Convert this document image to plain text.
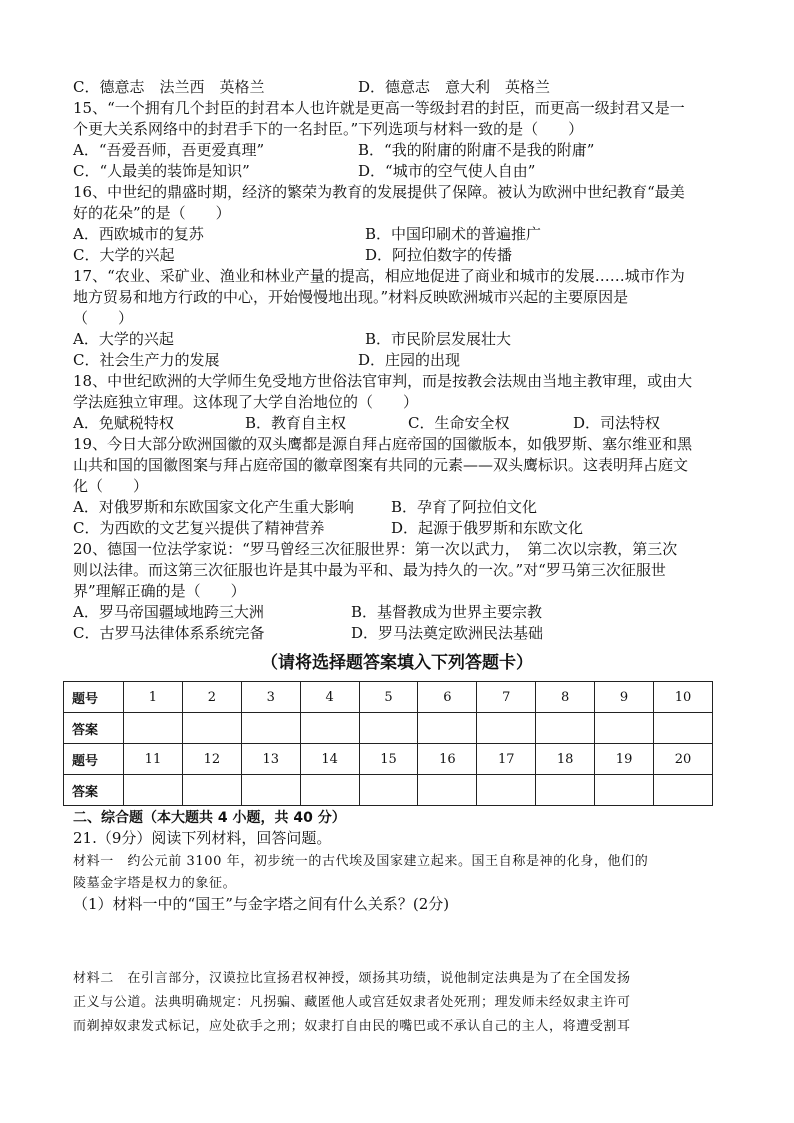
C．德意志　法兰西　英格兰	D．德意志　意大利　英格兰
15、“一个拥有几个封臣的封君本人也许就是更高一等级封君的封臣，而更高一级封君又是一
个更大关系网络中的封君手下的一名封臣。”下列选项与材料一致的是（　　）
A．“吾爱吾师，吾更爱真理”	B．“我的附庸的附庸不是我的附庸”
C．“人最美的装饰是知识”	D．“城市的空气使人自由”
16、中世纪的鼎盛时期，经济的繁荣为教育的发展提供了保障。被认为欧洲中世纪教育“最美
好的花朵”的是（　　）
A．西欧城市的复苏	B．中国印刷术的普遍推广
C．大学的兴起	D．阿拉伯数字的传播
17、“农业、采矿业、渔业和林业产量的提高，相应地促进了商业和城市的发展……城市作为
地方贸易和地方行政的中心，开始慢慢地出现。”材料反映欧洲城市兴起的主要原因是
（　　）
A．大学的兴起	B．市民阶层发展壮大
C．社会生产力的发展	D．庄园的出现
18、中世纪欧洲的大学师生免受地方世俗法官审判，而是按教会法规由当地主教审理，或由大
学法庭独立审理。这体现了大学自治地位的（　　）
A．免赋税特权	B．教育自主权	C．生命安全权	D．司法特权
19、今日大部分欧洲国徽的双头鹰都是源自拜占庭帝国的国徽版本，如俄罗斯、塞尔维亚和黑
山共和国的国徽图案与拜占庭帝国的徽章图案有共同的元素——双头鹰标识。这表明拜占庭文
化（　　）
A．对俄罗斯和东欧国家文化产生重大影响 B．孕育了阿拉伯文化
C．为西欧的文艺复兴提供了精神营养	D．起源于俄罗斯和东欧文化
20、德国一位法学家说：“罗马曾经三次征服世界：第一次以武力，　第二次以宗教，第三次
则以法律。而这第三次征服也许是其中最为平和、最为持久的一次。”对“罗马第三次征服世
界”理解正确的是（　　）
A．罗马帝国疆域地跨三大洲	B．基督教成为世界主要宗教
C．古罗马法律体系系统完备	D．罗马法奠定欧洲民法基础
（请将选择题答案填入下列答题卡）
题号	1	2	3	4	5	6	7	8	9	10
答案										
题号	11	12	13	14	15	16	17	18	19	20
答案										
二、综合题（本大题共 4 小题，共 40 分）
21.（9分）阅读下列材料，回答问题。
材料一　约公元前 3100 年，初步统一的古代埃及国家建立起来。国王自称是神的化身，他们的
陵墓金字塔是权力的象征。
（1）材料一中的“国王”与金字塔之间有什么关系？(2分)
材料二　在引言部分，汉谟拉比宣扬君权神授，颂扬其功绩，说他制定法典是为了在全国发扬
正义与公道。法典明确规定：凡拐骗、藏匿他人或宫廷奴隶者处死刑；理发师未经奴隶主许可
而剃掉奴隶发式标记，应处砍手之刑；奴隶打自由民的嘴巴或不承认自己的主人，将遭受割耳
